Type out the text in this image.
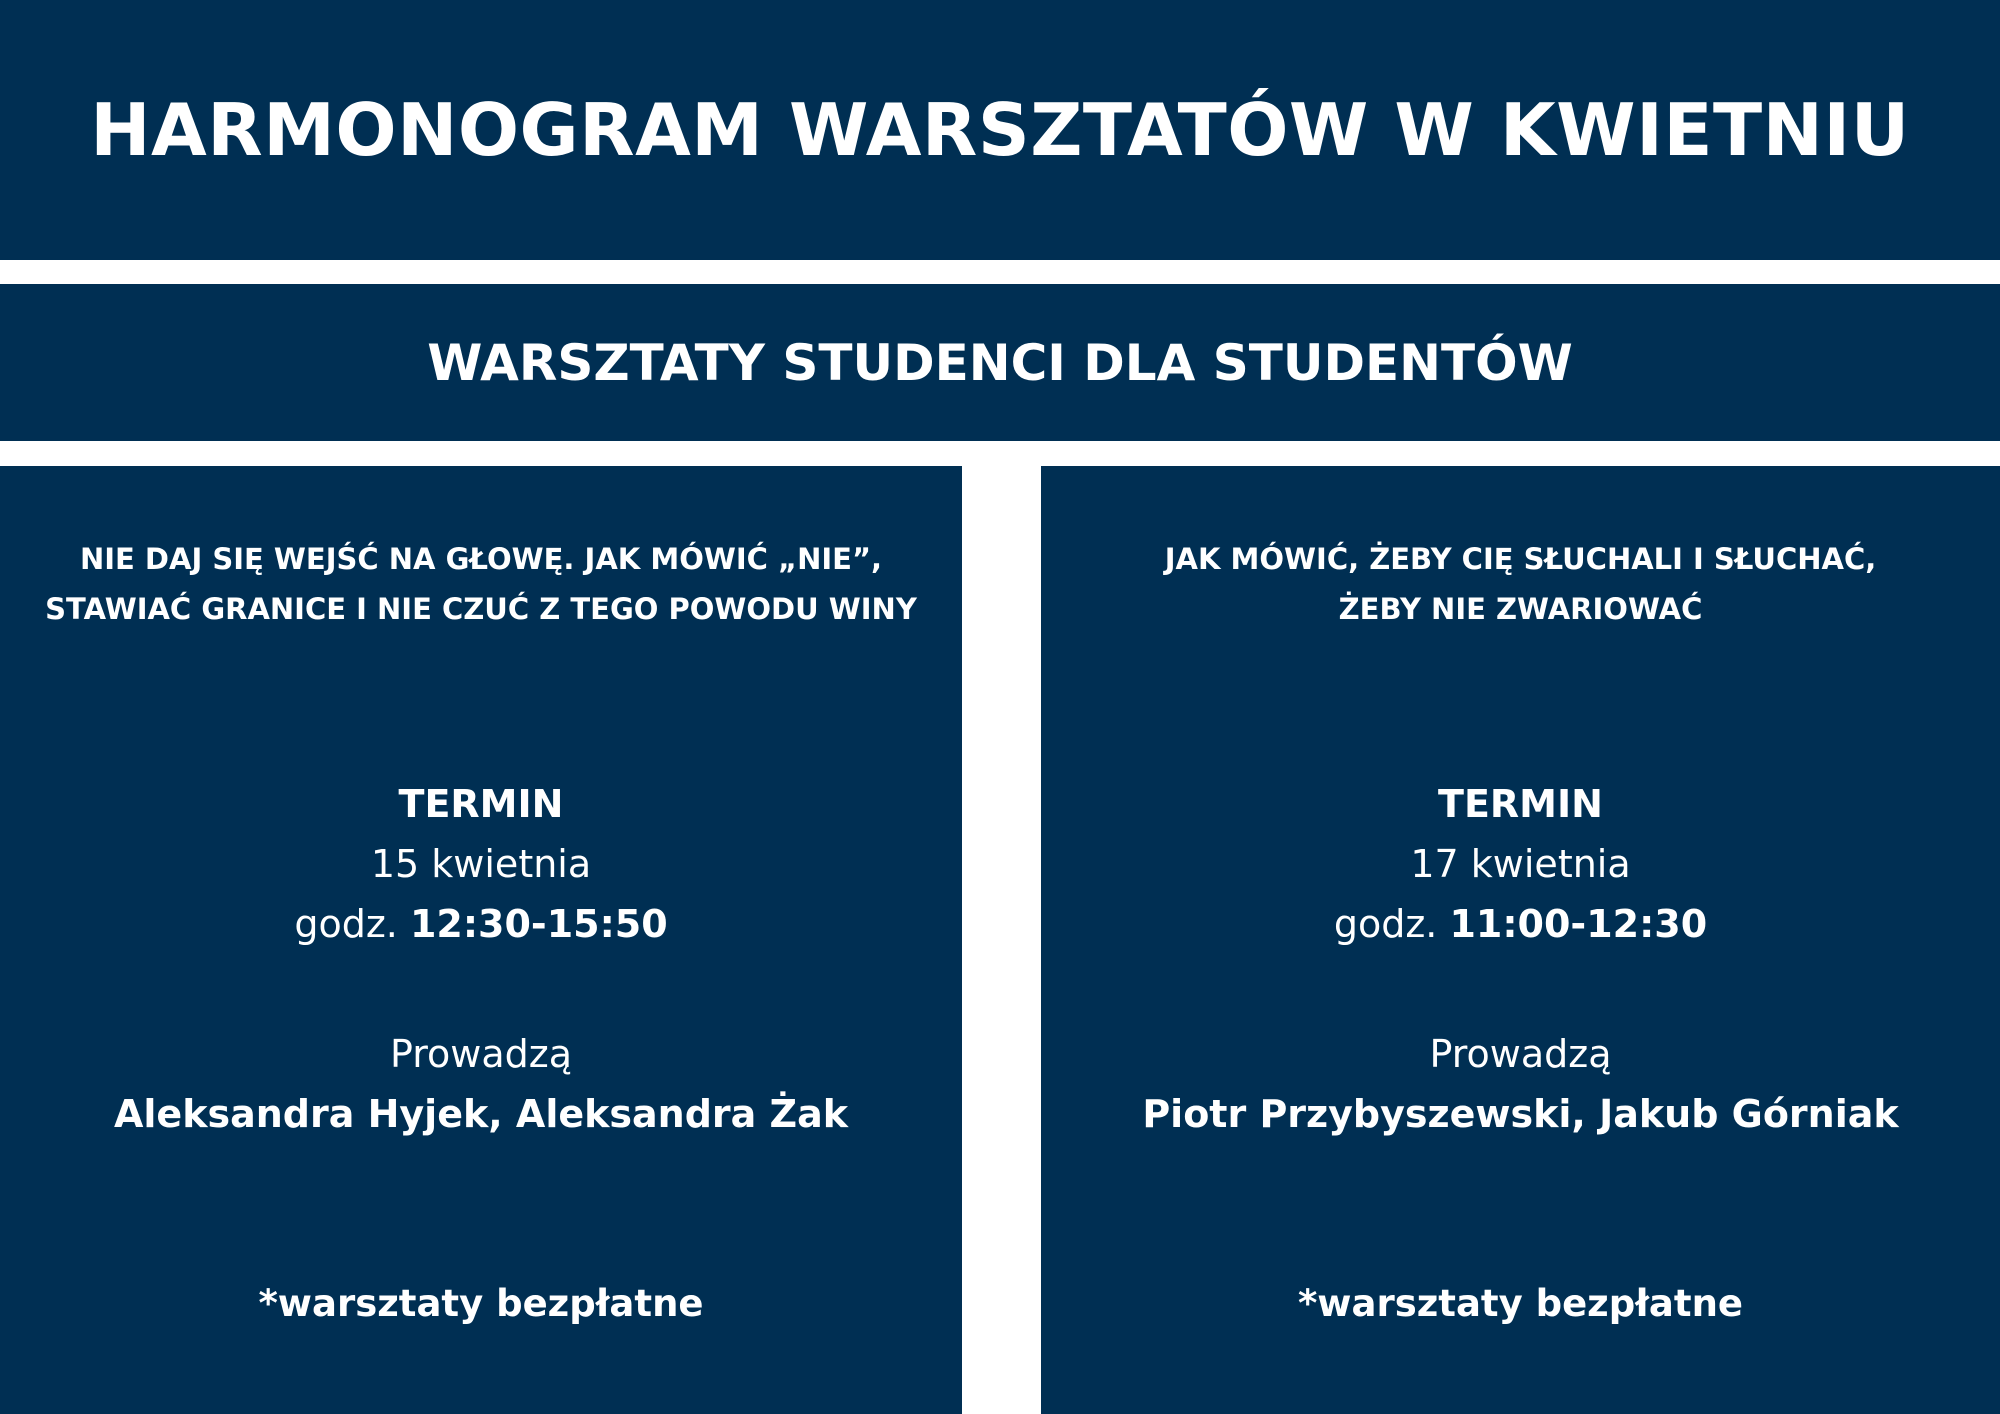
HARMONOGRAM WARSZTATÓW W KWIETNIU
WARSZTATY STUDENCI DLA STUDENTÓW
NIE DAJ SIĘ WEJŚĆ NA GŁOWĘ. JAK MÓWIĆ „NIE”,
STAWIAĆ GRANICE I NIE CZUĆ Z TEGO POWODU WINY
TERMIN
15 kwietnia
godz. 12:30-15:50
Prowadzą
Aleksandra Hyjek, Aleksandra Żak
*warsztaty bezpłatne
JAK MÓWIĆ, ŻEBY CIĘ SŁUCHALI I SŁUCHAĆ,
ŻEBY NIE ZWARIOWAĆ
TERMIN
17 kwietnia
godz. 11:00-12:30
Prowadzą
Piotr Przybyszewski, Jakub Górniak
*warsztaty bezpłatne
